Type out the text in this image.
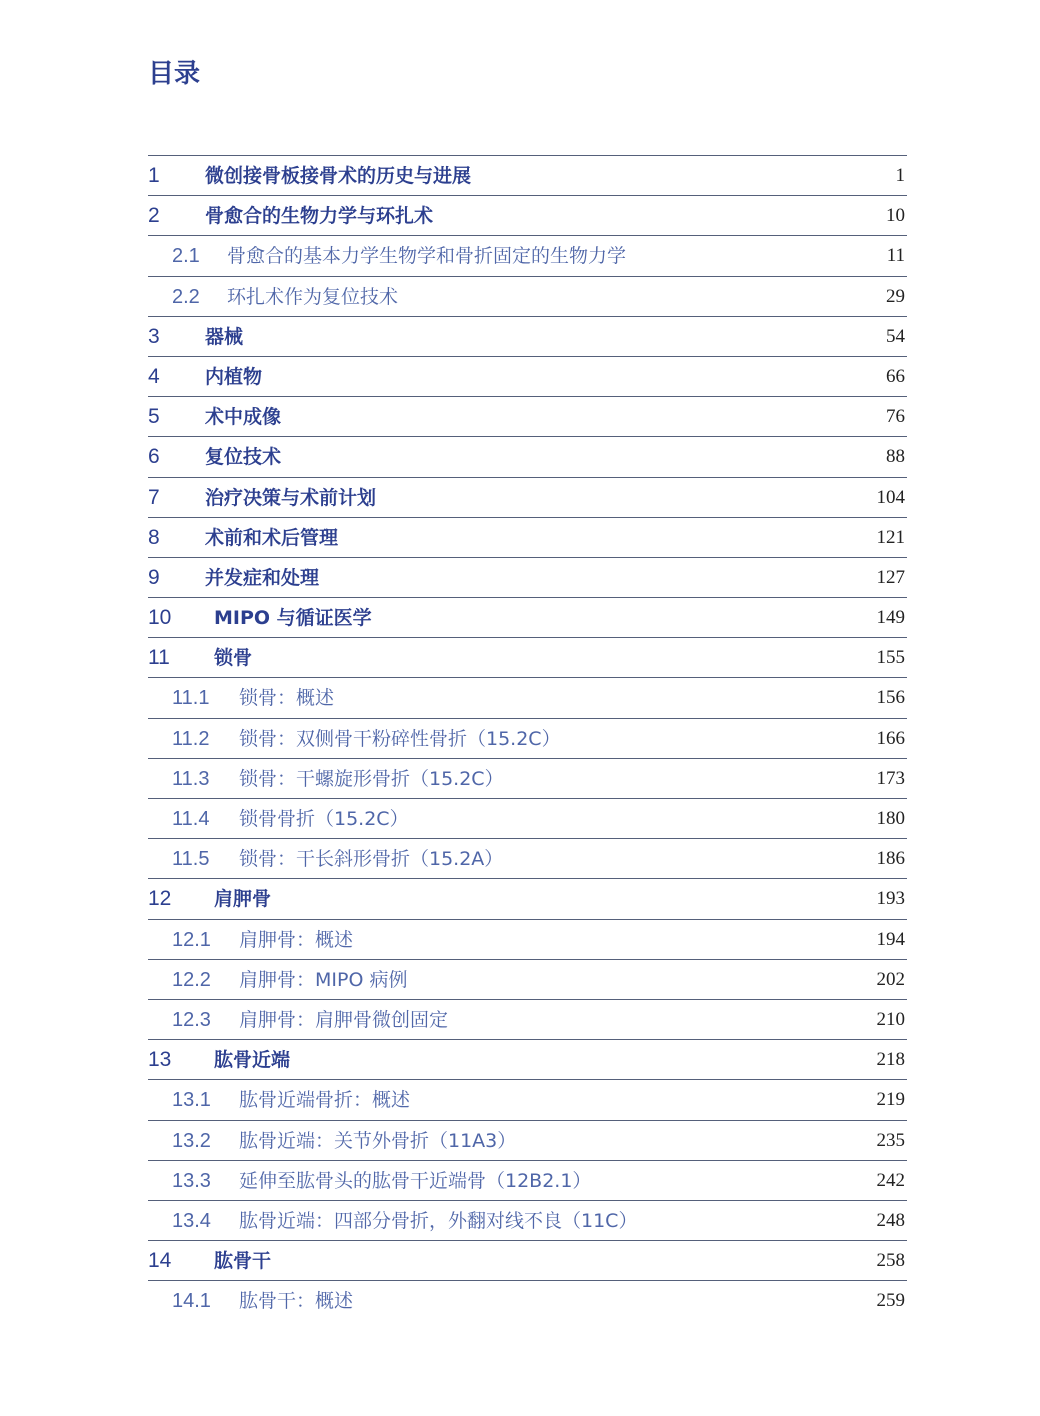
目录
1 微创接骨板接骨术的历史与进展	1
2 骨愈合的生物力学与环扎术	10
2.1 骨愈合的基本力学生物学和骨折固定的生物力学	11
2.2 环扎术作为复位技术	29
3 器械	54
4 内植物	66
5 术中成像	76
6 复位技术	88
7 治疗决策与术前计划	104
8 术前和术后管理	121
9 并发症和处理	127
10 MIPO 与循证医学	149
11 锁骨	155
11.1 锁骨：概述	156
11.2 锁骨：双侧骨干粉碎性骨折（15.2C）	166
11.3 锁骨：干螺旋形骨折（15.2C）	173
11.4 锁骨骨折（15.2C）	180
11.5 锁骨：干长斜形骨折（15.2A）	186
12 肩胛骨	193
12.1 肩胛骨：概述	194
12.2 肩胛骨：MIPO 病例	202
12.3 肩胛骨：肩胛骨微创固定	210
13 肱骨近端	218
13.1 肱骨近端骨折：概述	219
13.2 肱骨近端：关节外骨折（11A3）	235
13.3 延伸至肱骨头的肱骨干近端骨（12B2.1）	242
13.4 肱骨近端：四部分骨折，外翻对线不良（11C）	248
14 肱骨干	258
14.1 肱骨干：概述	259
